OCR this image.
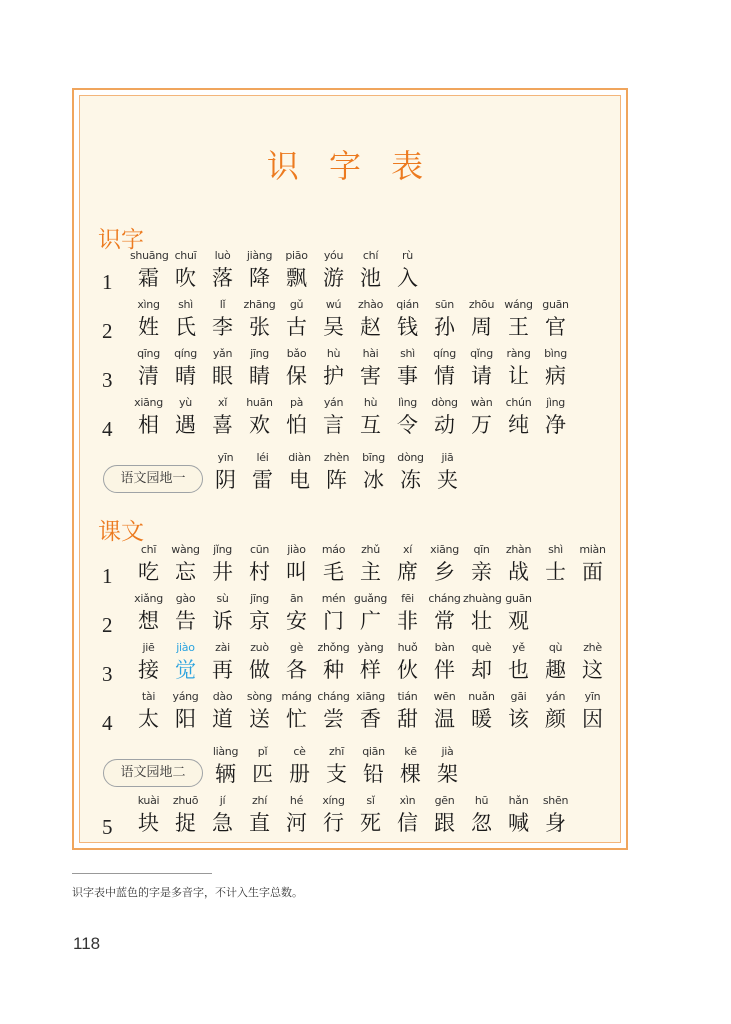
识 字 表
识字
1
shuāng
霜
chuī
吹
luò
落
jiàng
降
piāo
飘
yóu
游
chí
池
rù
入
2
xìng
姓
shì
氏
lǐ
李
zhāng
张
gǔ
古
wú
吴
zhào
赵
qián
钱
sūn
孙
zhōu
周
wáng
王
guān
官
3
qīng
清
qíng
晴
yǎn
眼
jīng
睛
bǎo
保
hù
护
hài
害
shì
事
qíng
情
qǐng
请
ràng
让
bìng
病
4
xiāng
相
yù
遇
xǐ
喜
huān
欢
pà
怕
yán
言
hù
互
lìng
令
dòng
动
wàn
万
chún
纯
jìng
净
语文园地一
yīn
阴
léi
雷
diàn
电
zhèn
阵
bīng
冰
dòng
冻
jiā
夹
课文
1
chī
吃
wàng
忘
jǐng
井
cūn
村
jiào
叫
máo
毛
zhǔ
主
xí
席
xiāng
乡
qīn
亲
zhàn
战
shì
士
miàn
面
2
xiǎng
想
gào
告
sù
诉
jīng
京
ān
安
mén
门
guǎng
广
fēi
非
cháng
常
zhuàng
壮
guān
观
3
jiē
接
jiào
觉
zài
再
zuò
做
gè
各
zhǒng
种
yàng
样
huǒ
伙
bàn
伴
què
却
yě
也
qù
趣
zhè
这
4
tài
太
yáng
阳
dào
道
sòng
送
máng
忙
cháng
尝
xiāng
香
tián
甜
wēn
温
nuǎn
暖
gāi
该
yán
颜
yīn
因
语文园地二
liàng
辆
pǐ
匹
cè
册
zhī
支
qiān
铅
kē
棵
jià
架
5
kuài
块
zhuō
捉
jí
急
zhí
直
hé
河
xíng
行
sǐ
死
xìn
信
gēn
跟
hū
忽
hǎn
喊
shēn
身
识字表中蓝色的字是多音字，不计入生字总数。
118
